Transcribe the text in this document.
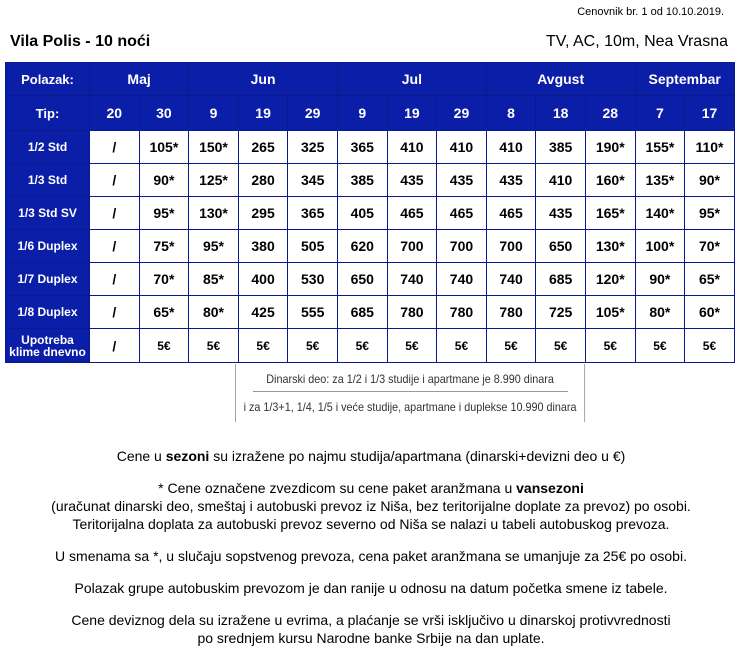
Cenovnik br. 1 od 10.10.2019.
Vila Polis - 10 noći	TV, AC, 10m, Nea Vrasna
Polazak:	Maj		Jun			Jul			Avgust			Septembar	
Tip:	20	30	9	19	29	9	19	29	8	18	28	7	17
1/2 Std	/	105*	150*	265	325	365	410	410	410	385	190*	155*	110*
1/3 Std	/	90*	125*	280	345	385	435	435	435	410	160*	135*	90*
1/3 Std SV	/	95*	130*	295	365	405	465	465	465	435	165*	140*	95*
1/6 Duplex	/	75*	95*	380	505	620	700	700	700	650	130*	100*	70*
1/7 Duplex	/	70*	85*	400	530	650	740	740	740	685	120*	90*	65*
1/8 Duplex	/	65*	80*	425	555	685	780	780	780	725	105*	80*	60*
Upotreba
klime dnevno	/	5€	5€	5€	5€	5€	5€	5€	5€	5€	5€	5€	5€
Dinarski deo: za 1/2 i 1/3 studije i apartmane je 8.990 dinara
i za 1/3+1, 1/4, 1/5 i veće studije, apartmane i duplekse 10.990 dinara

Cene u sezoni su izražene po najmu studija/apartmana (dinarski+devizni deo u €)

* Cene označene zvezdicom su cene paket aranžmana u vansezoni

(uračunat dinarski deo, smeštaj i autobuski prevoz iz Niša, bez teritorijalne doplate za prevoz) po osobi.

Teritorijalna doplata za autobuski prevoz severno od Niša se nalazi u tabeli autobuskog prevoza.

U smenama sa *, u slučaju sopstvenog prevoza, cena paket aranžmana se umanjuje za 25€ po osobi.

Polazak grupe autobuskim prevozom je dan ranije u odnosu na datum početka smene iz tabele.

Cene deviznog dela su izražene u evrima, a plaćanje se vrši isključivo u dinarskoj protivvrednosti

po srednjem kursu Narodne banke Srbije na dan uplate.
